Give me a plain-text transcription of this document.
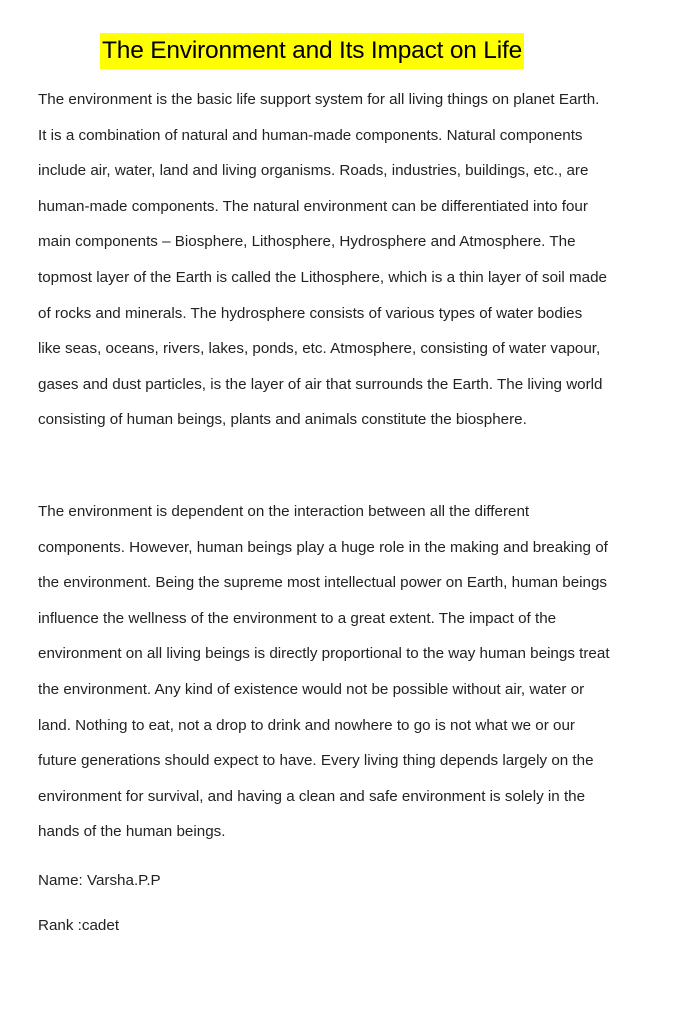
The Environment and Its Impact on Life

The environment is the basic life support system for all living things on planet Earth.
It is a combination of natural and human-made components. Natural components
include air, water, land and living organisms. Roads, industries, buildings, etc., are
human-made components. The natural environment can be differentiated into four
main components – Biosphere, Lithosphere, Hydrosphere and Atmosphere. The
topmost layer of the Earth is called the Lithosphere, which is a thin layer of soil made
of rocks and minerals. The hydrosphere consists of various types of water bodies
like seas, oceans, rivers, lakes, ponds, etc. Atmosphere, consisting of water vapour,
gases and dust particles, is the layer of air that surrounds the Earth. The living world
consisting of human beings, plants and animals constitute the biosphere.

The environment is dependent on the interaction between all the different
components. However, human beings play a huge role in the making and breaking of
the environment. Being the supreme most intellectual power on Earth, human beings
influence the wellness of the environment to a great extent. The impact of the
environment on all living beings is directly proportional to the way human beings treat
the environment. Any kind of existence would not be possible without air, water or
land. Nothing to eat, not a drop to drink and nowhere to go is not what we or our
future generations should expect to have. Every living thing depends largely on the
environment for survival, and having a clean and safe environment is solely in the
hands of the human beings.

Name: Varsha.P.P

Rank :cadet
